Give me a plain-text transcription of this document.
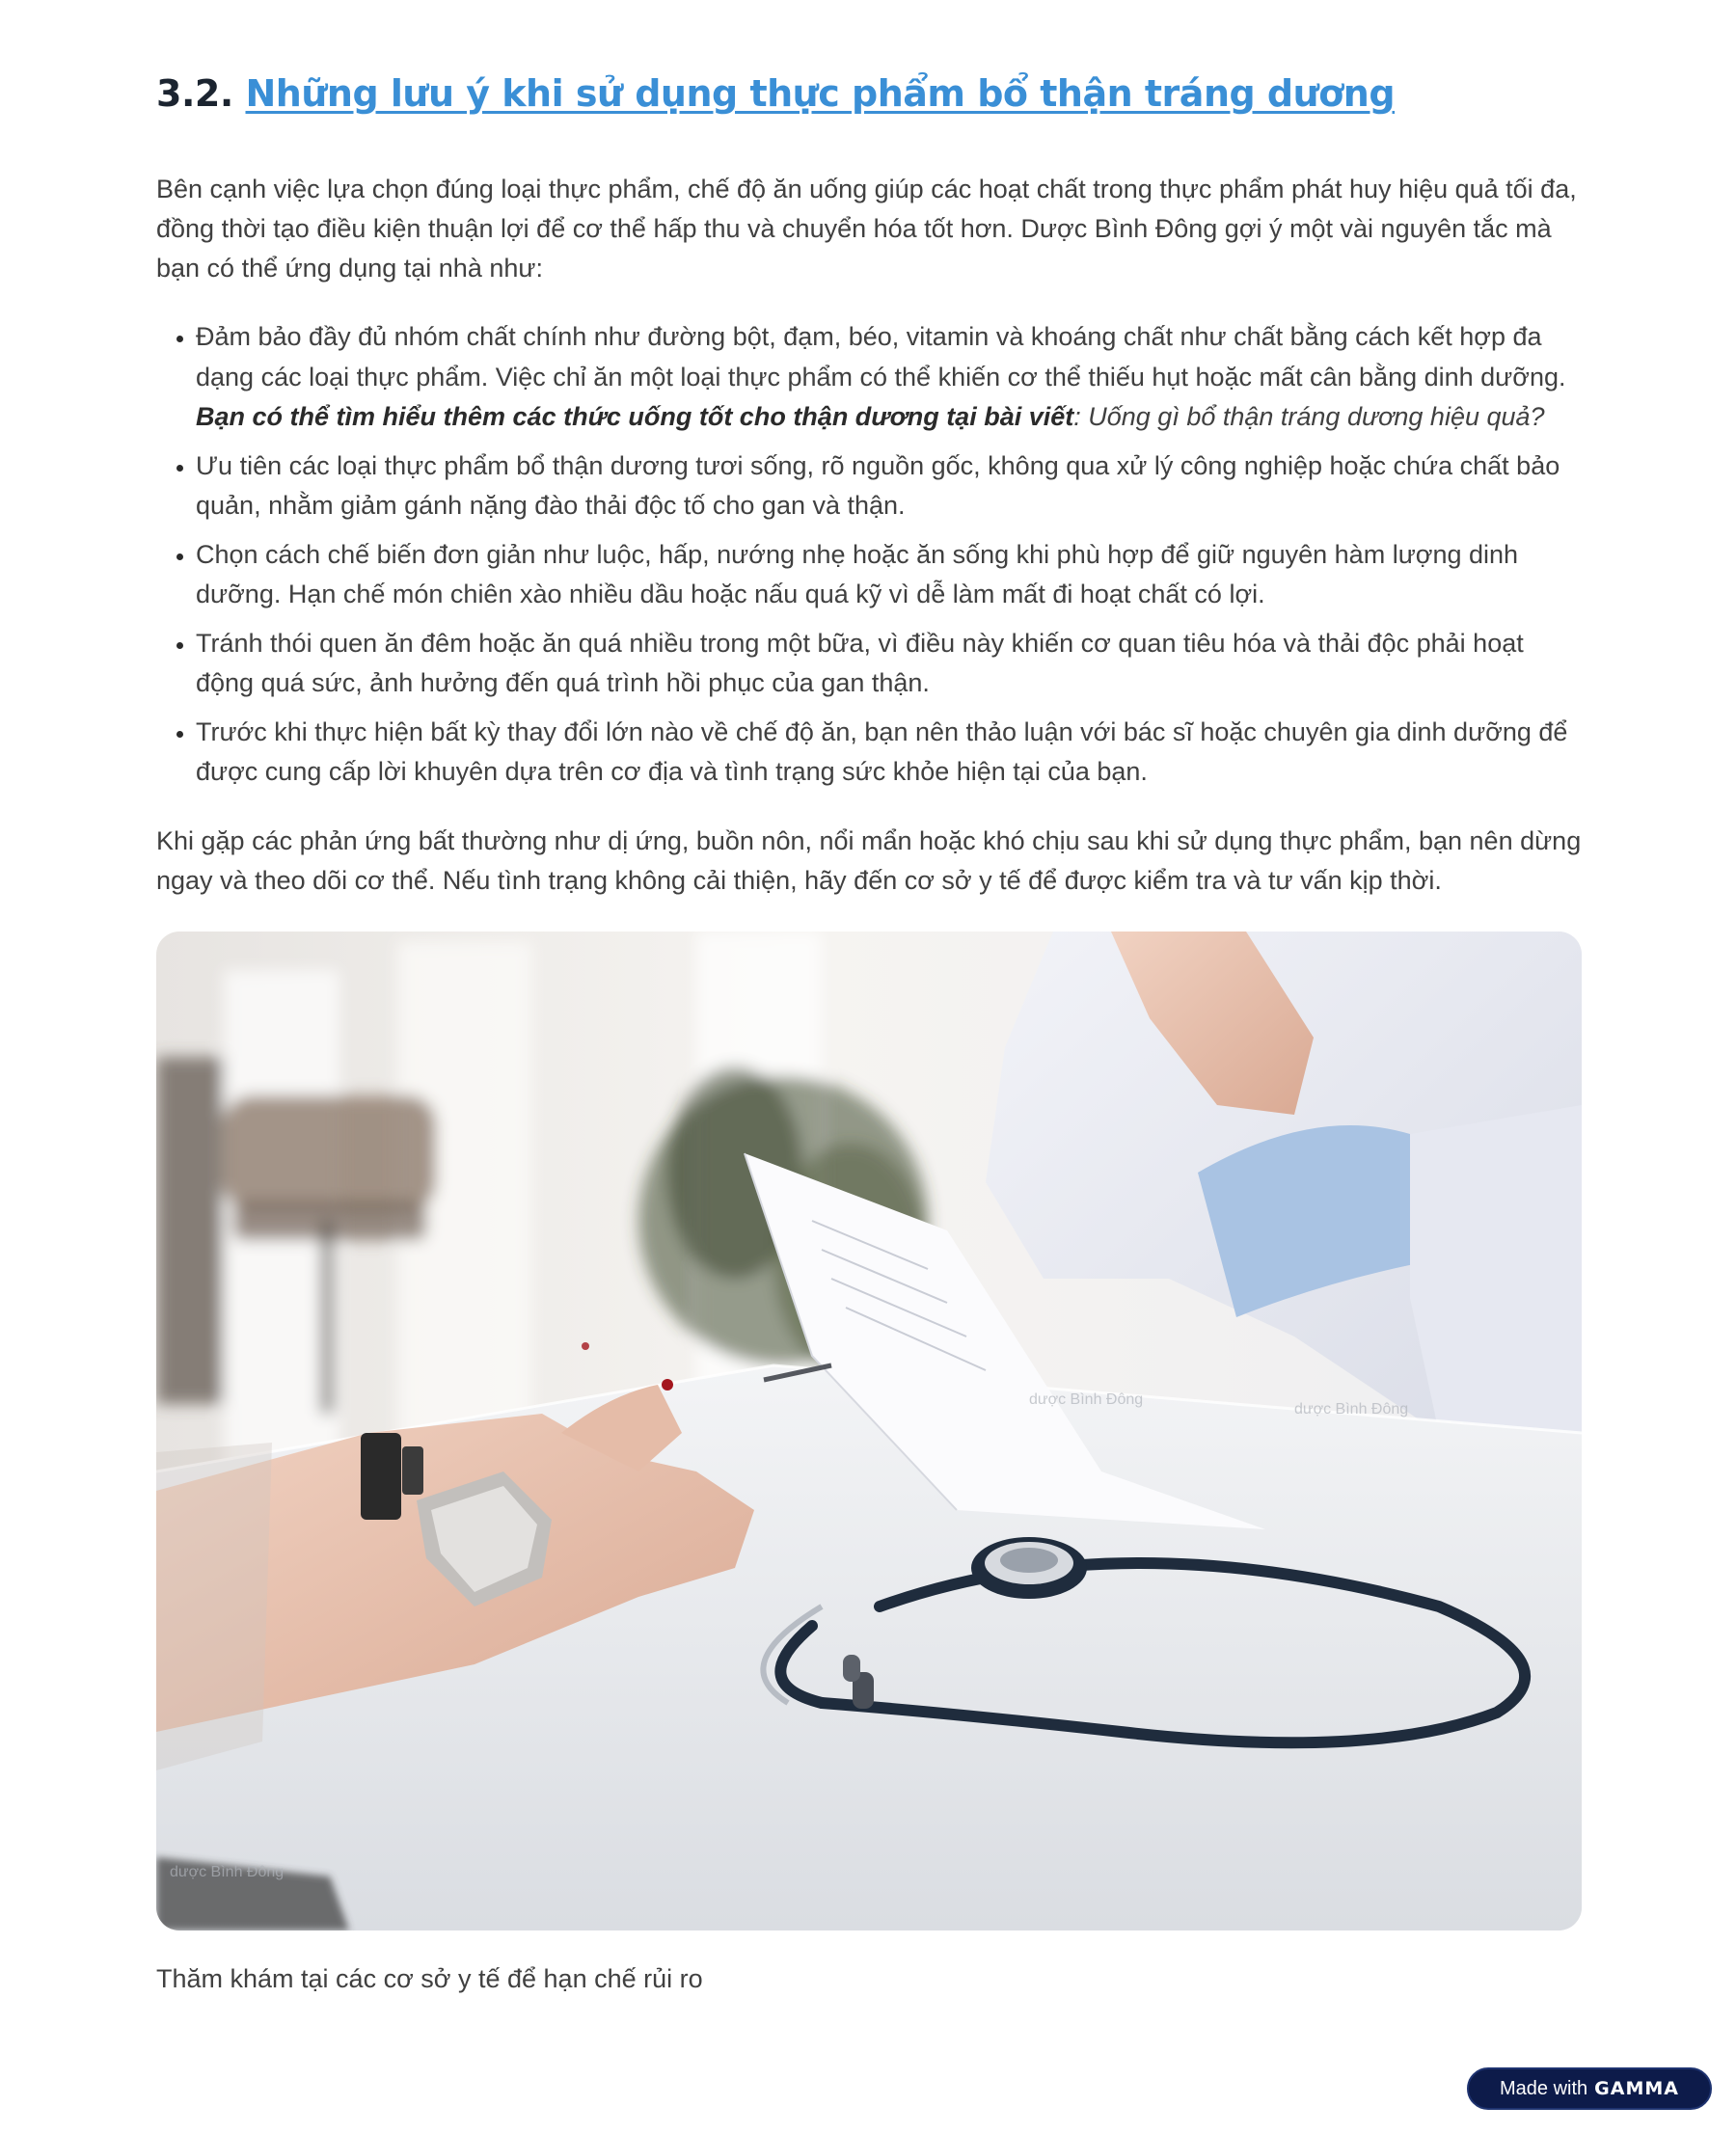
3.2. Những lưu ý khi sử dụng thực phẩm bổ thận tráng dương

Bên cạnh việc lựa chọn đúng loại thực phẩm, chế độ ăn uống giúp các hoạt chất trong thực phẩm phát huy hiệu quả tối đa, đồng thời tạo điều kiện thuận lợi để cơ thể hấp thu và chuyển hóa tốt hơn. Dược Bình Đông gợi ý một vài nguyên tắc mà bạn có thể ứng dụng tại nhà như:

• Đảm bảo đầy đủ nhóm chất chính như đường bột, đạm, béo, vitamin và khoáng chất như chất bằng cách kết hợp đa dạng các loại thực phẩm. Việc chỉ ăn một loại thực phẩm có thể khiến cơ thể thiếu hụt hoặc mất cân bằng dinh dưỡng. Bạn có thể tìm hiểu thêm các thức uống tốt cho thận dương tại bài viết: Uống gì bổ thận tráng dương hiệu quả?
• Ưu tiên các loại thực phẩm bổ thận dương tươi sống, rõ nguồn gốc, không qua xử lý công nghiệp hoặc chứa chất bảo quản, nhằm giảm gánh nặng đào thải độc tố cho gan và thận.
• Chọn cách chế biến đơn giản như luộc, hấp, nướng nhẹ hoặc ăn sống khi phù hợp để giữ nguyên hàm lượng dinh dưỡng. Hạn chế món chiên xào nhiều dầu hoặc nấu quá kỹ vì dễ làm mất đi hoạt chất có lợi.
• Tránh thói quen ăn đêm hoặc ăn quá nhiều trong một bữa, vì điều này khiến cơ quan tiêu hóa và thải độc phải hoạt động quá sức, ảnh hưởng đến quá trình hồi phục của gan thận.
• Trước khi thực hiện bất kỳ thay đổi lớn nào về chế độ ăn, bạn nên thảo luận với bác sĩ hoặc chuyên gia dinh dưỡng để được cung cấp lời khuyên dựa trên cơ địa và tình trạng sức khỏe hiện tại của bạn.

Khi gặp các phản ứng bất thường như dị ứng, buồn nôn, nổi mẩn hoặc khó chịu sau khi sử dụng thực phẩm, bạn nên dừng ngay và theo dõi cơ thể. Nếu tình trạng không cải thiện, hãy đến cơ sở y tế để được kiểm tra và tư vấn kịp thời.

dược Bình Đông
dược Bình Đông
dược Bình Đông

Thăm khám tại các cơ sở y tế để hạn chế rủi ro

Made with GAMMA
